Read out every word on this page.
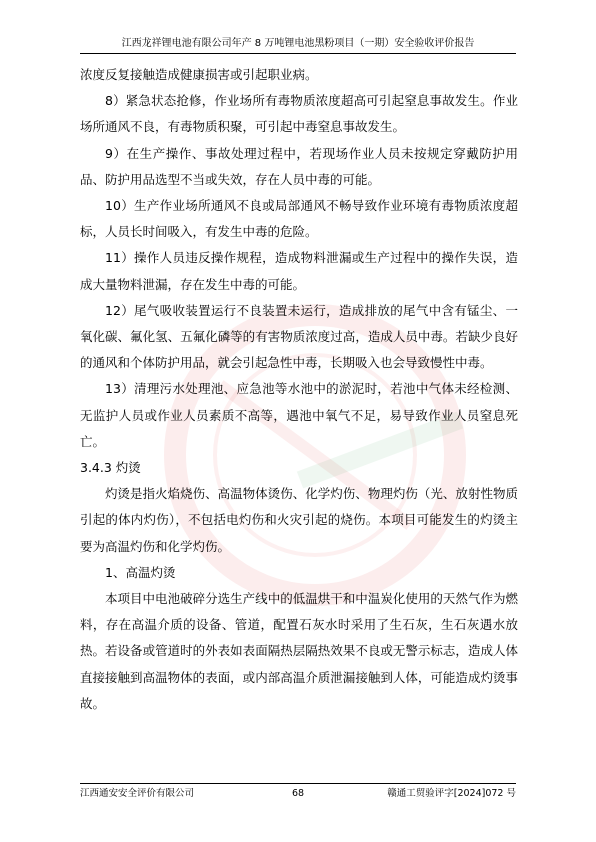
江西龙祥锂电池有限公司年产 8 万吨锂电池黑粉项目（一期）安全验收评价报告

浓度反复接触造成健康损害或引起职业病。

8）紧急状态抢修，作业场所有毒物质浓度超高可引起窒息事故发生。作业场所通风不良，有毒物质积聚，可引起中毒窒息事故发生。

9）在生产操作、事故处理过程中，若现场作业人员未按规定穿戴防护用品、防护用品选型不当或失效，存在人员中毒的可能。

10）生产作业场所通风不良或局部通风不畅导致作业环境有毒物质浓度超标，人员长时间吸入，有发生中毒的危险。

11）操作人员违反操作规程，造成物料泄漏或生产过程中的操作失误，造成大量物料泄漏，存在发生中毒的可能。

12）尾气吸收装置运行不良装置未运行，造成排放的尾气中含有锰尘、一氧化碳、氟化氢、五氟化磷等的有害物质浓度过高，造成人员中毒。若缺少良好的通风和个体防护用品，就会引起急性中毒，长期吸入也会导致慢性中毒。

13）清理污水处理池、应急池等水池中的淤泥时，若池中气体未经检测、无监护人员或作业人员素质不高等，遇池中氧气不足，易导致作业人员窒息死亡。

3.4.3 灼烫

灼烫是指火焰烧伤、高温物体烫伤、化学灼伤、物理灼伤（光、放射性物质引起的体内灼伤），不包括电灼伤和火灾引起的烧伤。本项目可能发生的灼烫主要为高温灼伤和化学灼伤。

1、高温灼烫

本项目中电池破碎分选生产线中的低温烘干和中温炭化使用的天然气作为燃料，存在高温介质的设备、管道，配置石灰水时采用了生石灰，生石灰遇水放热。若设备或管道时的外表如表面隔热层隔热效果不良或无警示标志，造成人体直接接触到高温物体的表面，或内部高温介质泄漏接触到人体，可能造成灼烫事故。

江西通安安全评价有限公司	68	赣通工贸验评字[2024]072 号
